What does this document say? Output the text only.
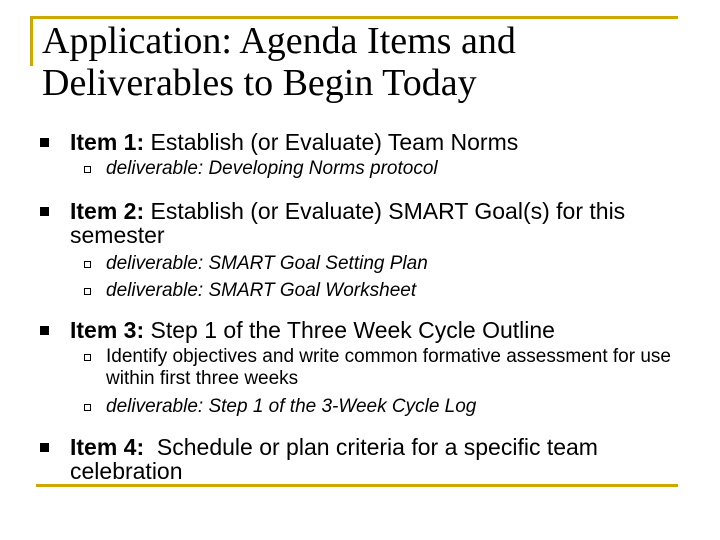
Application: Agenda Items and
Deliverables to Begin Today

Item 1: Establish (or Evaluate) Team Norms

deliverable: Developing Norms protocol

Item 2: Establish (or Evaluate) SMART Goal(s) for this semester

deliverable: SMART Goal Setting Plan

deliverable: SMART Goal Worksheet

Item 3: Step 1 of the Three Week Cycle Outline

Identify objectives and write common formative assessment for use within first three weeks

deliverable: Step 1 of the 3-Week Cycle Log

Item 4:  Schedule or plan criteria for a specific team celebration
